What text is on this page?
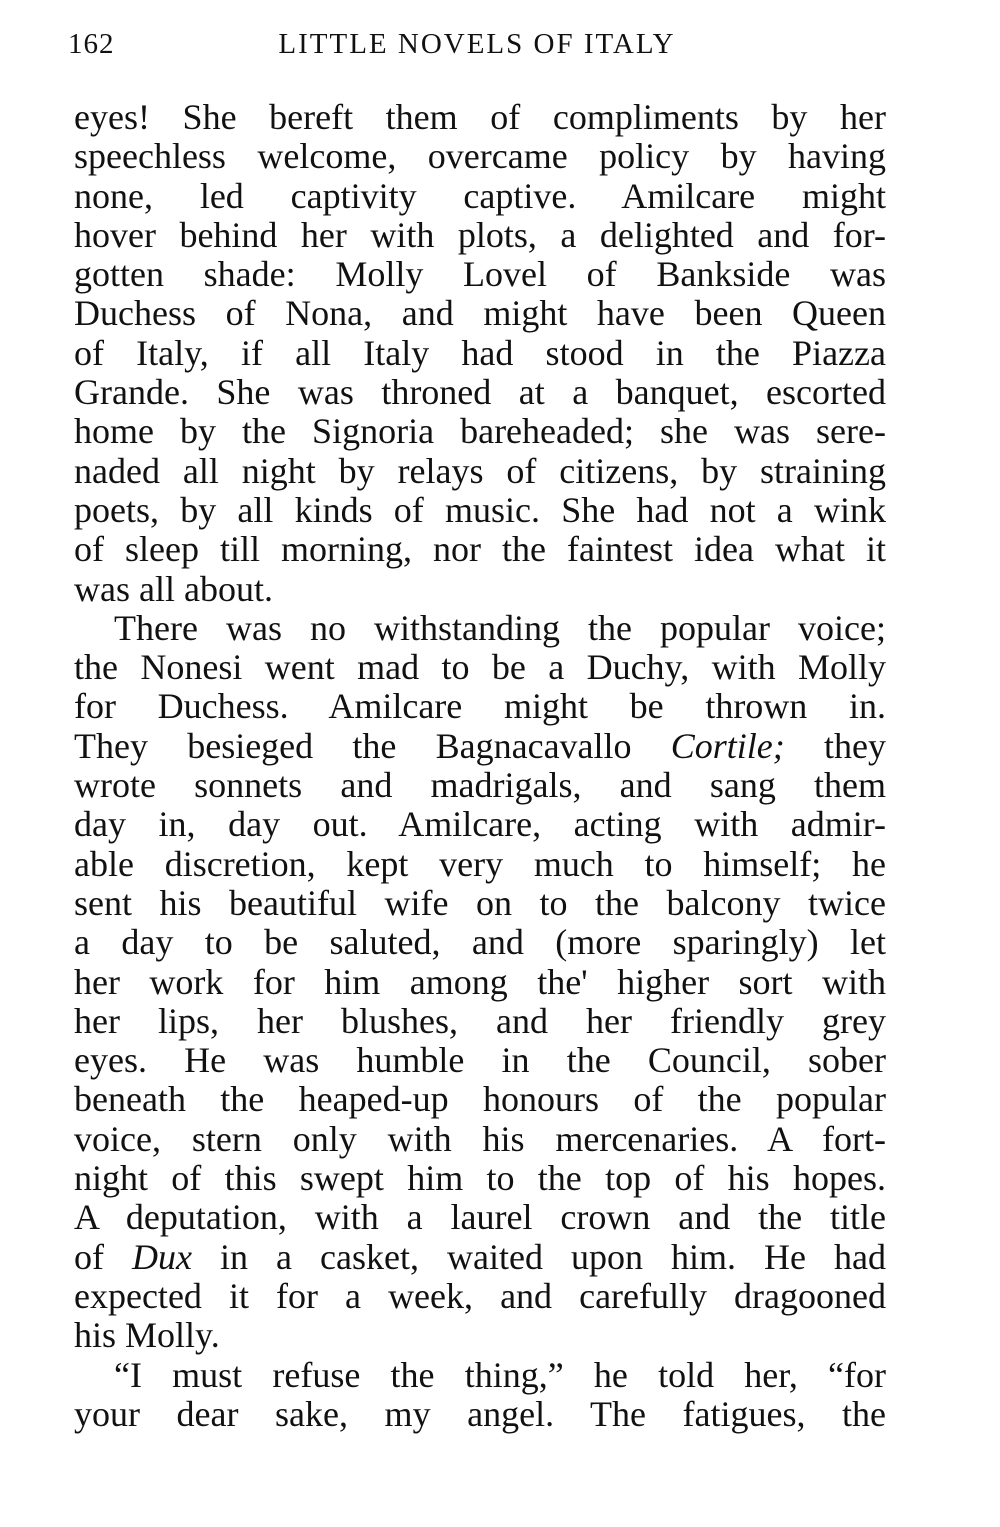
162	LITTLE NOVELS OF ITALY
eyes! She bereft them of compliments by her
speechless welcome, overcame policy by having
none, led captivity captive. Amilcare might
hover behind her with plots, a delighted and for-
gotten shade: Molly Lovel of Bankside was
Duchess of Nona, and might have been Queen
of Italy, if all Italy had stood in the Piazza
Grande. She was throned at a banquet, escorted
home by the Signoria bareheaded; she was sere-
naded all night by relays of citizens, by straining
poets, by all kinds of music. She had not a wink
of sleep till morning, nor the faintest idea what it
was all about.
There was no withstanding the popular voice;
the Nonesi went mad to be a Duchy, with Molly
for Duchess. Amilcare might be thrown in.
They besieged the Bagnacavallo Cortile; they
wrote sonnets and madrigals, and sang them
day in, day out. Amilcare, acting with admir-
able discretion, kept very much to himself; he
sent his beautiful wife on to the balcony twice
a day to be saluted, and (more sparingly) let
her work for him among the' higher sort with
her lips, her blushes, and her friendly grey
eyes. He was humble in the Council, sober
beneath the heaped-up honours of the popular
voice, stern only with his mercenaries. A fort-
night of this swept him to the top of his hopes.
A deputation, with a laurel crown and the title
of Dux in a casket, waited upon him. He had
expected it for a week, and carefully dragooned
his Molly.
“I must refuse the thing,” he told her, “for
your dear sake, my angel. The fatigues, the
